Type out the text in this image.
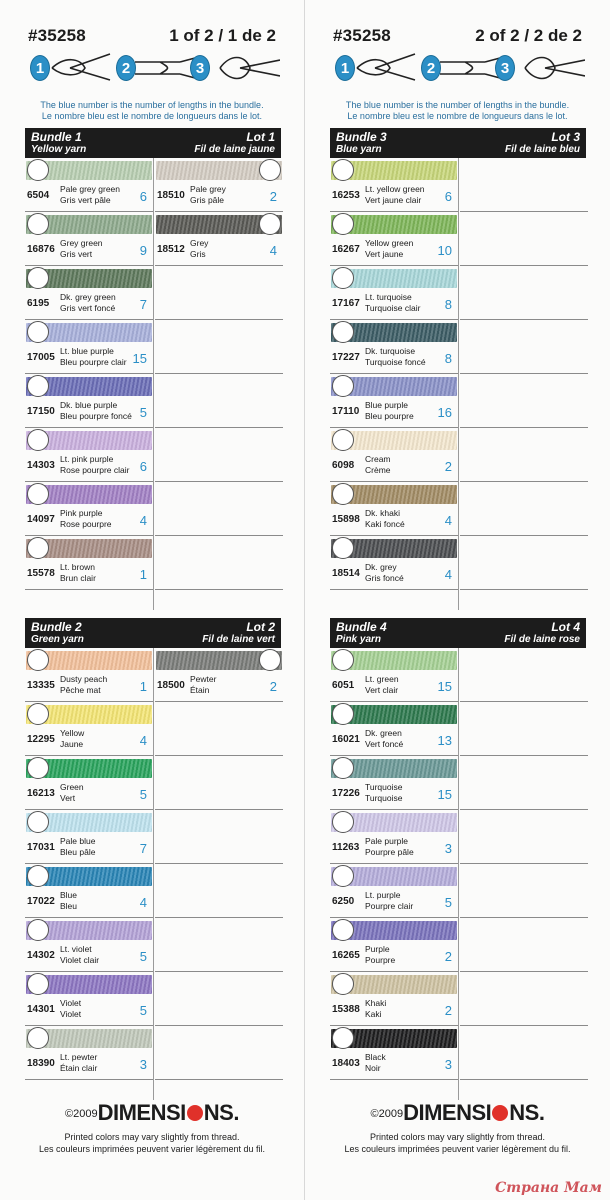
#35258	1 of 2 / 1 de 2
1	2	3
The blue number is the number of lengths in the bundle.
Le nombre bleu est le nombre de longueurs dans le lot.
Bundle 1
Yellow yarn
Lot 1
Fil de laine jaune
6504
Pale grey green
Gris vert pâle 6
16876
Grey green
Gris vert	9
6195
Dk. grey green
Gris vert foncé 7
17005
Lt. blue purple
Bleu pourpre clair 15
17150
Dk. blue purple
Bleu pourpre foncé 5
14303
Lt. pink purple
Rose pourpre clair 6
14097
Pink purple
Rose pourpre 4
15578
Lt. brown
Brun clair	1
18510
Pale grey
Gris pâle	2
18512
Grey
Gris	4
Bundle 2
Green yarn
Lot 2
Fil de laine vert
13335
Dusty peach
Pêche mat	1
12295
Yellow
Jaune	4
16213
Green
Vert	5
17031
Pale blue
Bleu pâle	7
17022
Blue
Bleu	4
14302
Lt. violet
Violet clair	5
14301
Violet
Violet	5
18390
Lt. pewter
Étain clair	3
18500
Pewter
Étain	2
©2009DIMENSI NS.
Printed colors may vary slightly from thread.
Les couleurs imprimées peuvent varier légèrement du fil.
#35258	2 of 2 / 2 de 2
1	2	3
The blue number is the number of lengths in the bundle.
Le nombre bleu est le nombre de longueurs dans le lot.
Bundle 3
Blue yarn
Lot 3
Fil de laine bleu
16253
Lt. yellow green
Vert jaune clair 6
16267
Yellow green
Vert jaune	10
17167
Lt. turquoise
Turquoise clair 8
17227
Dk. turquoise
Turquoise foncé 8
17110
Blue purple
Bleu pourpre 16
6098
Cream
Crème	2
15898
Dk. khaki
Kaki foncé	4
18514
Dk. grey
Gris foncé	4
Bundle 4
Pink yarn
Lot 4
Fil de laine rose
6051
Lt. green
Vert clair	15
16021
Dk. green
Vert foncé	13
17226
Turquoise
Turquoise	15
11263
Pale purple
Pourpre pâle 3
6250
Lt. purple
Pourpre clair 5
16265
Purple
Pourpre	2
15388
Khaki
Kaki	2
18403
Black
Noir	3
©2009DIMENSI NS.
Printed colors may vary slightly from thread.
Les couleurs imprimées peuvent varier légèrement du fil.
Страна Мам
